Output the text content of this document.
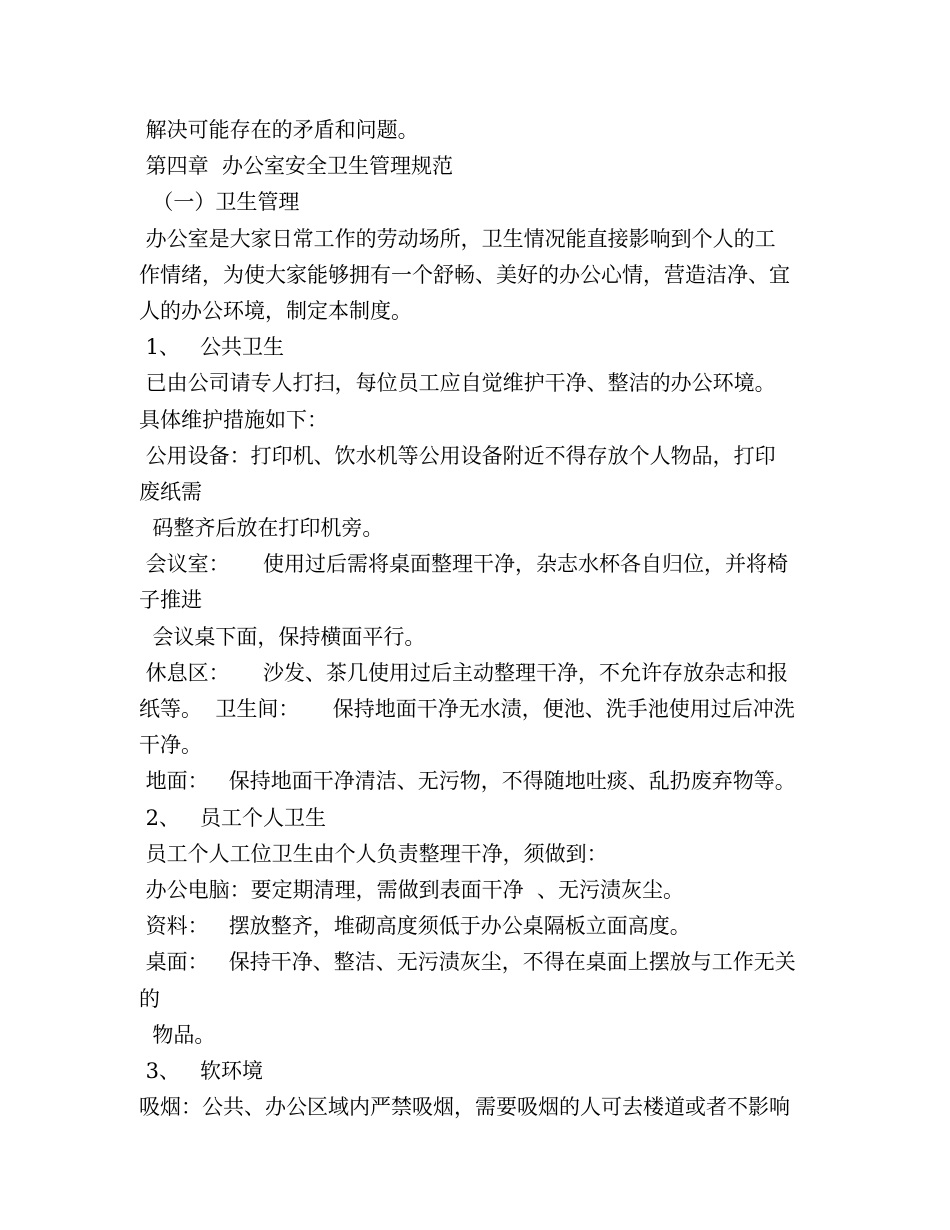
解决可能存在的矛盾和问题。
第四章  办公室安全卫生管理规范
（一）卫生管理
办公室是大家日常工作的劳动场所，卫生情况能直接影响到个人的工
作情绪，为使大家能够拥有一个舒畅、美好的办公心情，营造洁净、宜
人的办公环境，制定本制度。
1、   公共卫生
已由公司请专人打扫，每位员工应自觉维护干净、整洁的办公环境。
具体维护措施如下：
公用设备：打印机、饮水机等公用设备附近不得存放个人物品，打印
废纸需
码整齐后放在打印机旁。
会议室：     使用过后需将桌面整理干净，杂志水杯各自归位，并将椅
子推进
会议桌下面，保持横面平行。
休息区：     沙发、茶几使用过后主动整理干净，不允许存放杂志和报
纸等。  卫生间：     保持地面干净无水渍，便池、洗手池使用过后冲洗
干净。
地面：   保持地面干净清洁、无污物，不得随地吐痰、乱扔废弃物等。
2、   员工个人卫生
员工个人工位卫生由个人负责整理干净，须做到：
办公电脑：要定期清理，需做到表面干净  、无污渍灰尘。
资料：   摆放整齐，堆砌高度须低于办公桌隔板立面高度。
桌面：   保持干净、整洁、无污渍灰尘，不得在桌面上摆放与工作无关
的
物品。
3、   软环境
吸烟：公共、办公区域内严禁吸烟，需要吸烟的人可去楼道或者不影响
